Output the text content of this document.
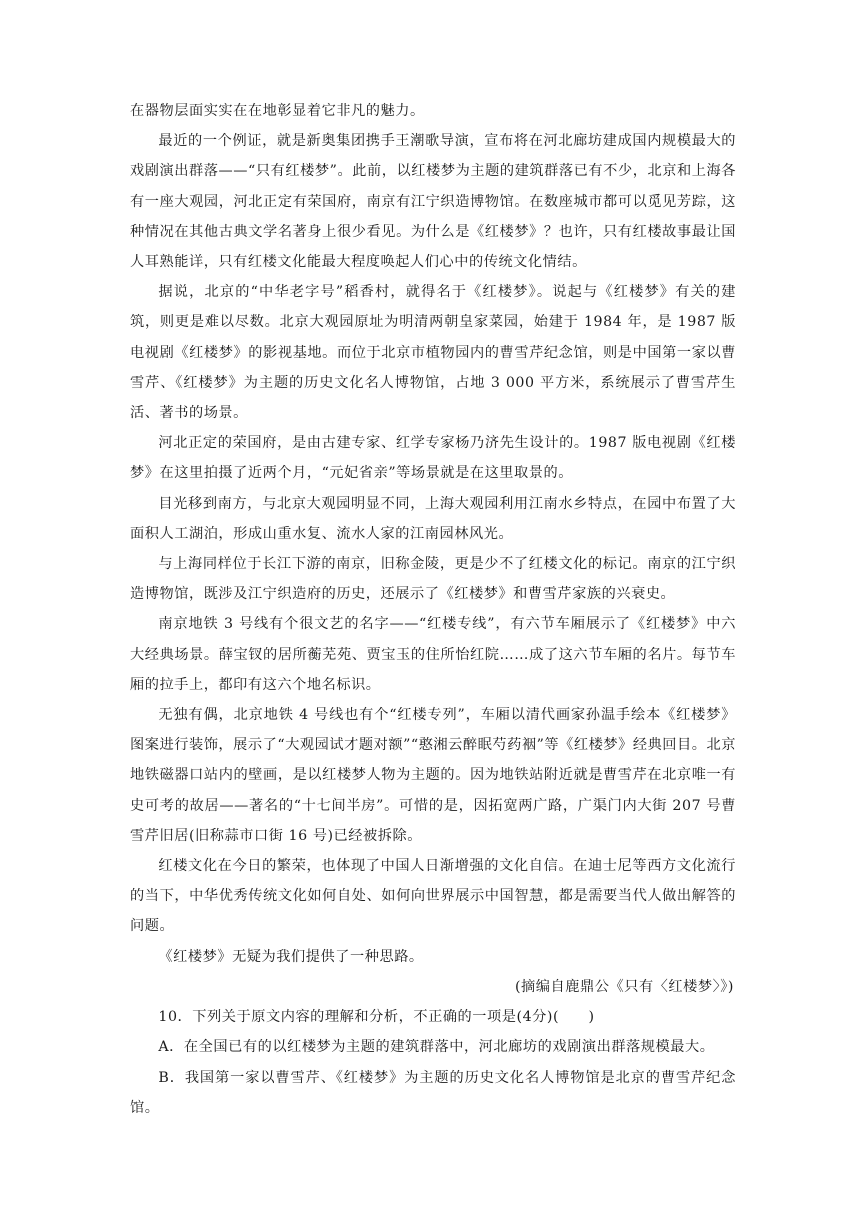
在器物层面实实在在地彰显着它非凡的魅力。

最近的一个例证，就是新奥集团携手王潮歌导演，宣布将在河北廊坊建成国内规模最大的戏剧演出群落——“只有红楼梦”。此前，以红楼梦为主题的建筑群落已有不少，北京和上海各有一座大观园，河北正定有荣国府，南京有江宁织造博物馆。在数座城市都可以觅见芳踪，这种情况在其他古典文学名著身上很少看见。为什么是《红楼梦》？也许，只有红楼故事最让国人耳熟能详，只有红楼文化能最大程度唤起人们心中的传统文化情结。

据说，北京的“中华老字号”稻香村，就得名于《红楼梦》。说起与《红楼梦》有关的建筑，则更是难以尽数。北京大观园原址为明清两朝皇家菜园，始建于 1984 年，是 1987 版电视剧《红楼梦》的影视基地。而位于北京市植物园内的曹雪芹纪念馆，则是中国第一家以曹雪芹、《红楼梦》为主题的历史文化名人博物馆，占地 3 000 平方米，系统展示了曹雪芹生活、著书的场景。

河北正定的荣国府，是由古建专家、红学专家杨乃济先生设计的。1987 版电视剧《红楼梦》在这里拍摄了近两个月，“元妃省亲”等场景就是在这里取景的。

目光移到南方，与北京大观园明显不同，上海大观园利用江南水乡特点，在园中布置了大面积人工湖泊，形成山重水复、流水人家的江南园林风光。

与上海同样位于长江下游的南京，旧称金陵，更是少不了红楼文化的标记。南京的江宁织造博物馆，既涉及江宁织造府的历史，还展示了《红楼梦》和曹雪芹家族的兴衰史。

南京地铁 3 号线有个很文艺的名字——“红楼专线”，有六节车厢展示了《红楼梦》中六大经典场景。薛宝钗的居所蘅芜苑、贾宝玉的住所怡红院……成了这六节车厢的名片。每节车厢的拉手上，都印有这六个地名标识。

无独有偶，北京地铁 4 号线也有个“红楼专列”，车厢以清代画家孙温手绘本《红楼梦》图案进行装饰，展示了“大观园试才题对额”“憨湘云醉眠芍药裀”等《红楼梦》经典回目。北京地铁磁器口站内的壁画，是以红楼梦人物为主题的。因为地铁站附近就是曹雪芹在北京唯一有史可考的故居——著名的“十七间半房”。可惜的是，因拓宽两广路，广渠门内大街 207 号曹雪芹旧居(旧称蒜市口街 16 号)已经被拆除。

红楼文化在今日的繁荣，也体现了中国人日渐增强的文化自信。在迪士尼等西方文化流行的当下，中华优秀传统文化如何自处、如何向世界展示中国智慧，都是需要当代人做出解答的问题。

《红楼梦》无疑为我们提供了一种思路。

(摘编自鹿鼎公《只有〈红楼梦〉》)

10．下列关于原文内容的理解和分析，不正确的一项是(4分)(　　)

A．在全国已有的以红楼梦为主题的建筑群落中，河北廊坊的戏剧演出群落规模最大。

B．我国第一家以曹雪芹、《红楼梦》为主题的历史文化名人博物馆是北京的曹雪芹纪念馆。
